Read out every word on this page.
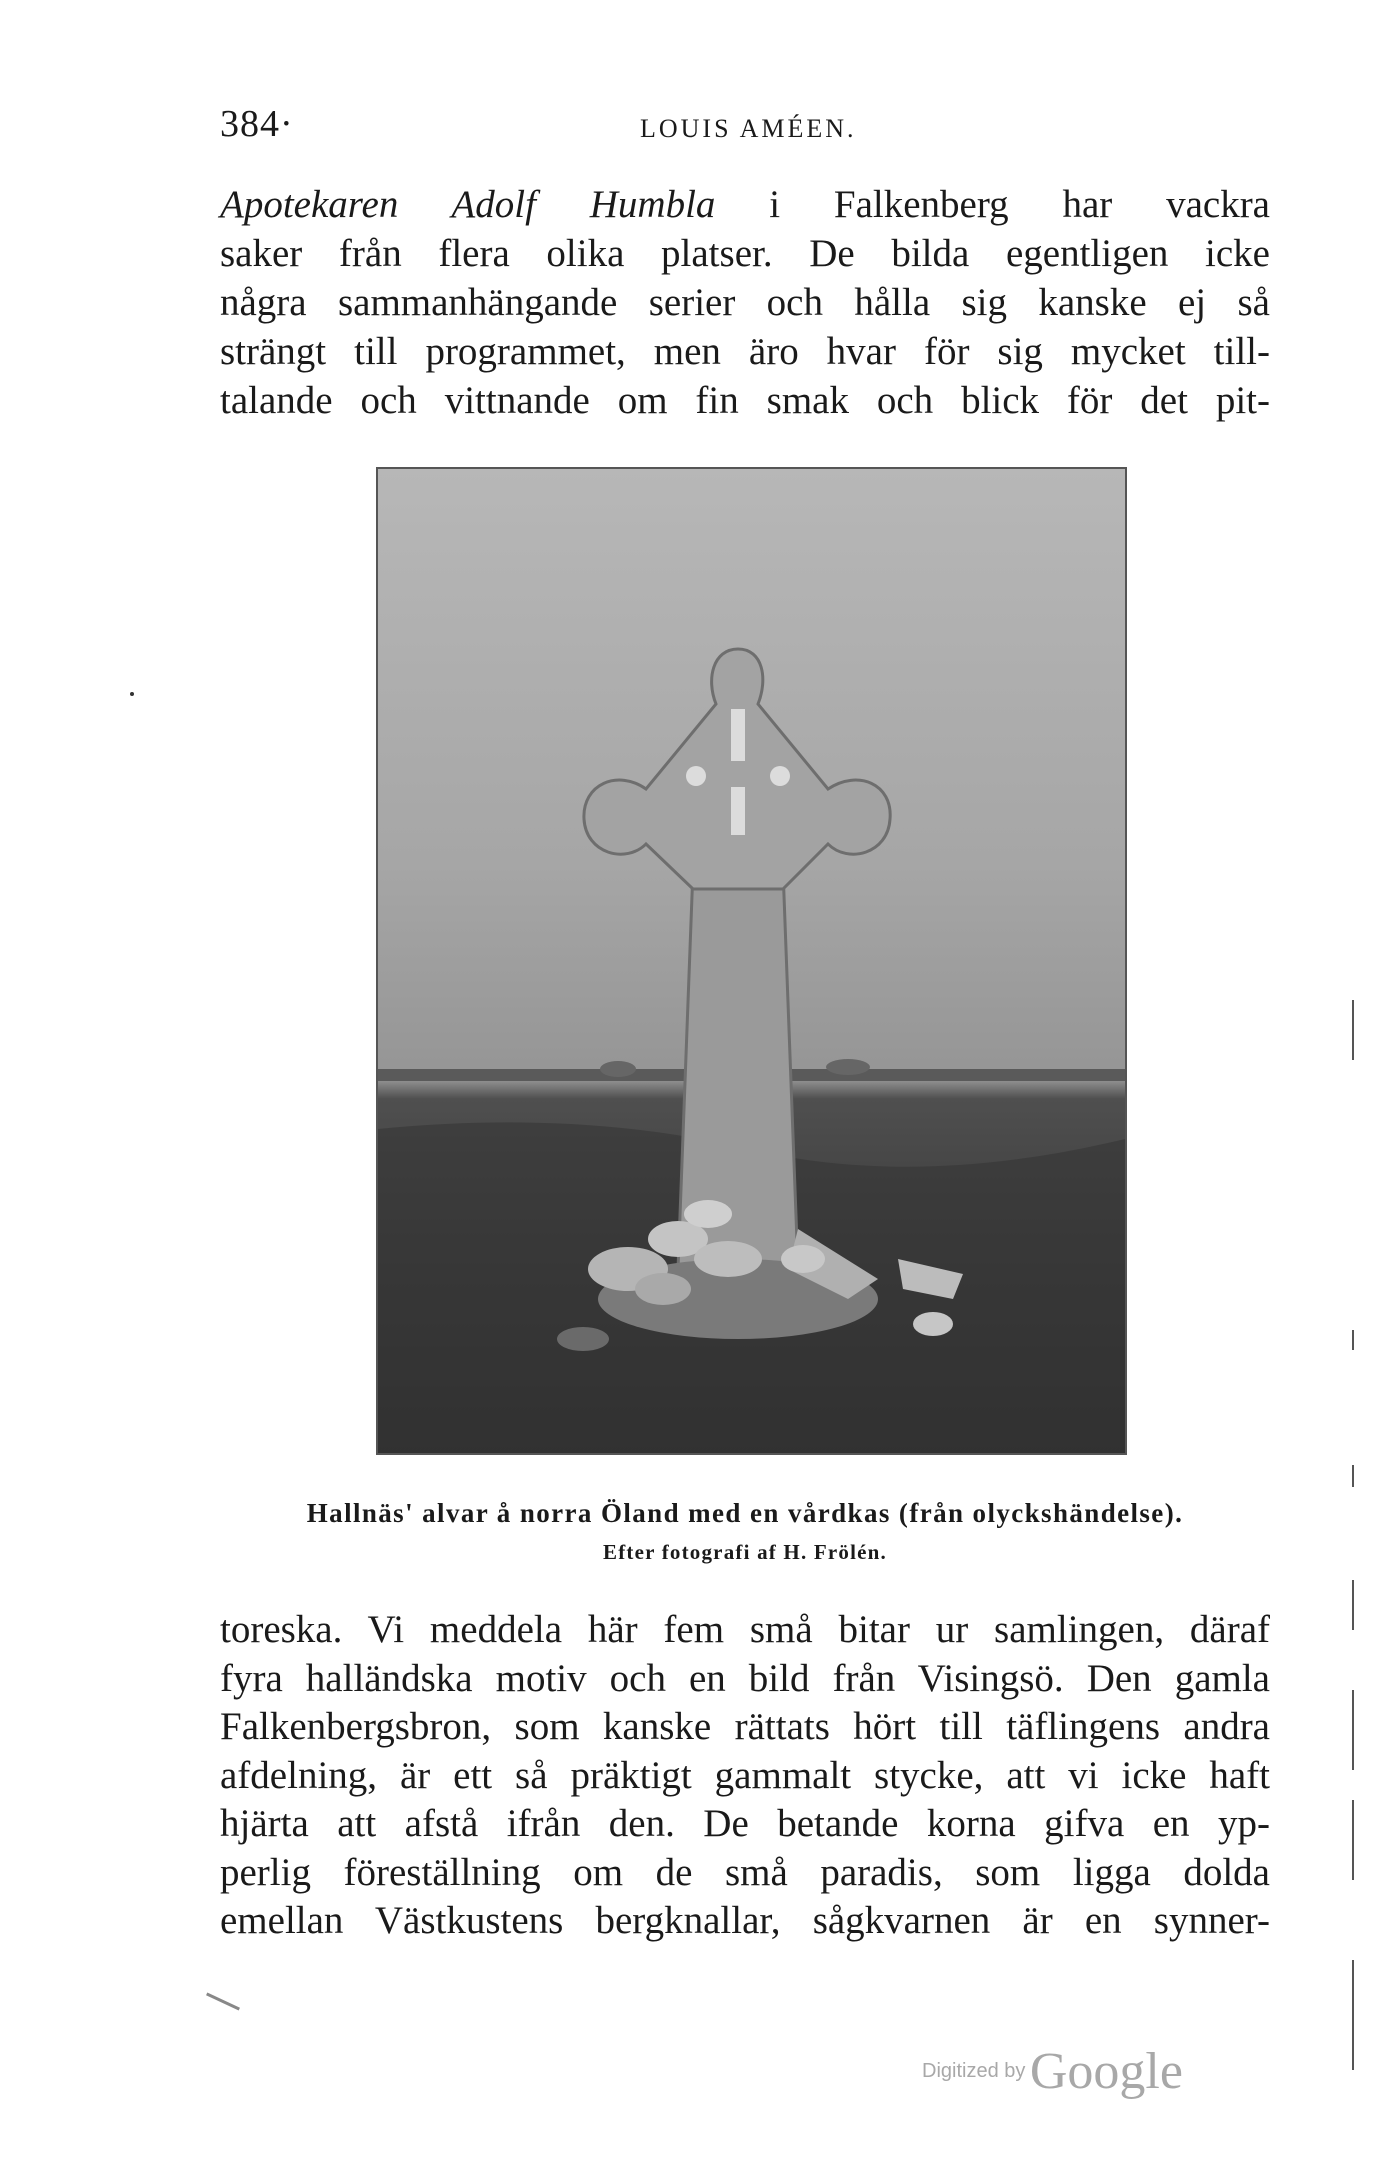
384·	LOUIS AMÉEN.
Apotekaren Adolf Humbla i Falkenberg har vackra
saker från flera olika platser. De bilda egentligen icke
några sammanhängande serier och hålla sig kanske ej så
strängt till programmet, men äro hvar för sig mycket till-
talande och vittnande om fin smak och blick för det pit-
Hallnäs' alvar å norra Öland med en vårdkas (från olyckshändelse).
Efter fotografi af H. Frölén.
toreska. Vi meddela här fem små bitar ur samlingen, däraf
fyra halländska motiv och en bild från Visingsö. Den gamla
Falkenbergsbron, som kanske rättats hört till täflingens andra
afdelning, är ett så präktigt gammalt stycke, att vi icke haft
hjärta att afstå ifrån den. De betande korna gifva en yp-
perlig föreställning om de små paradis, som ligga dolda
emellan Västkustens bergknallar, sågkvarnen är en synner-
Digitized by Google
